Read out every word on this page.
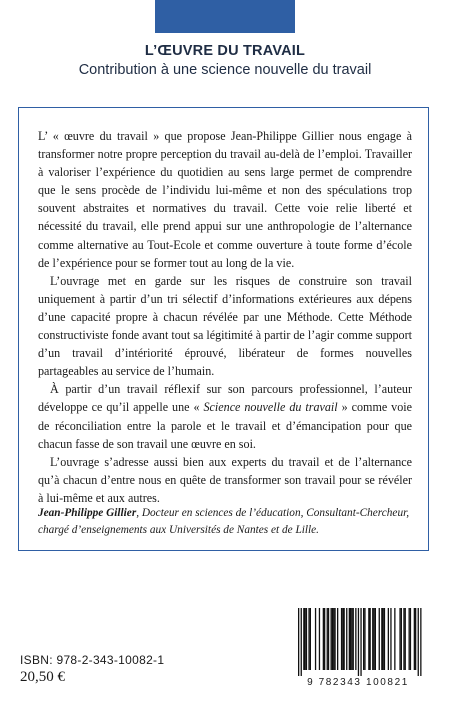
L’ŒUVRE DU TRAVAIL
Contribution à une science nouvelle du travail

L’ « œuvre du travail » que propose Jean-Philippe Gillier nous engage à transformer notre propre perception du travail au-delà de l’emploi. Travailler à valoriser l’expérience du quotidien au sens large permet de comprendre que le sens procède de l’individu lui-même et non des spéculations trop souvent abstraites et normatives du travail. Cette voie relie liberté et nécessité du travail, elle prend appui sur une anthropologie de l’alternance comme alternative au Tout-Ecole et comme ouverture à toute forme d’école de l’expérience pour se former tout au long de la vie.

L’ouvrage met en garde sur les risques de construire son travail uniquement à partir d’un tri sélectif d’informations extérieures aux dépens d’une capacité propre à chacun révélée par une Méthode. Cette Méthode constructiviste fonde avant tout sa légitimité à partir de l’agir comme support d’un travail d’intériorité éprouvé, libérateur de formes nouvelles partageables au service de l’humain.

À partir d’un travail réflexif sur son parcours professionnel, l’auteur développe ce qu’il appelle une « Science nouvelle du travail » comme voie de réconciliation entre la parole et le travail et d’émancipation pour que chacun fasse de son travail une œuvre en soi.

L’ouvrage s’adresse aussi bien aux experts du travail et de l’alternance qu’à chacun d’entre nous en quête de transformer son travail pour se révéler à lui-même et aux autres.

Jean-Philippe Gillier, Docteur en sciences de l’éducation, Consultant-Chercheur, chargé d’enseignements aux Universités de Nantes et de Lille.
ISBN: 978-2-343-10082-1
20,50 €	9 782343 100821
